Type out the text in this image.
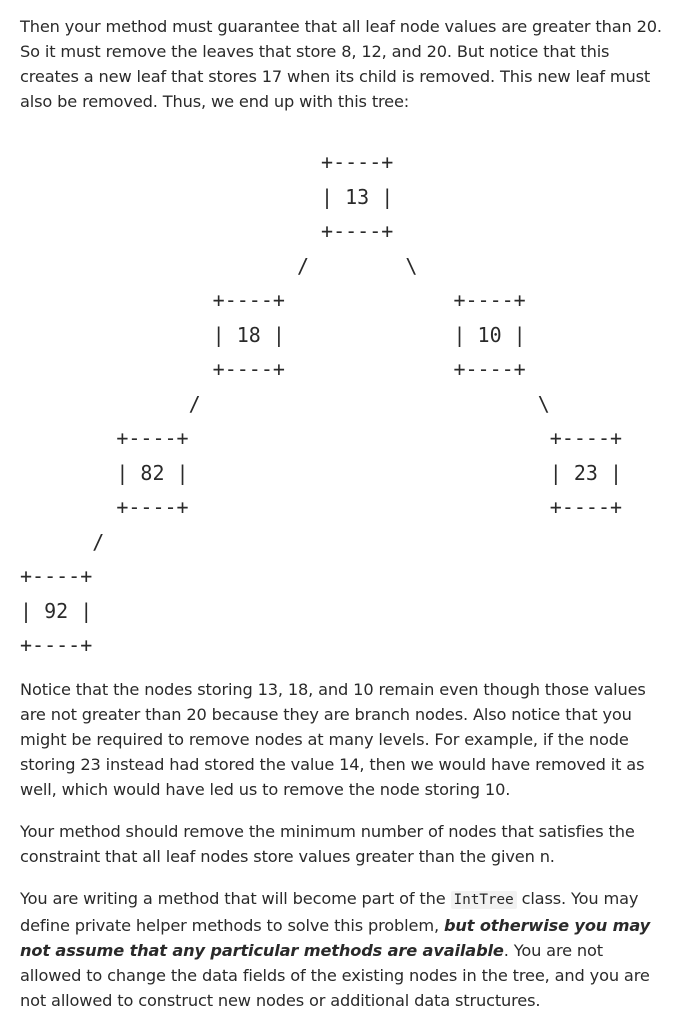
Then your method must guarantee that all leaf node values are greater than 20. So it must remove the leaves that store 8, 12, and 20. But notice that this creates a new leaf that stores 17 when its child is removed. This new leaf must also be removed. Thus, we end up with this tree:

+----+
| 13 |
+----+
/        \
+----+              +----+
| 18 |              | 10 |
+----+              +----+
/                            \
+----+                              +----+
| 82 |                              | 23 |
+----+                              +----+
/
+----+
| 92 |
+----+

Notice that the nodes storing 13, 18, and 10 remain even though those values are not greater than 20 because they are branch nodes. Also notice that you might be required to remove nodes at many levels. For example, if the node storing 23 instead had stored the value 14, then we would have removed it as well, which would have led us to remove the node storing 10.

Your method should remove the minimum number of nodes that satisfies the constraint that all leaf nodes store values greater than the given n.

You are writing a method that will become part of the IntTree class. You may define private helper methods to solve this problem, but otherwise you may not assume that any particular methods are available. You are not allowed to change the data fields of the existing nodes in the tree, and you are not allowed to construct new nodes or additional data structures.
